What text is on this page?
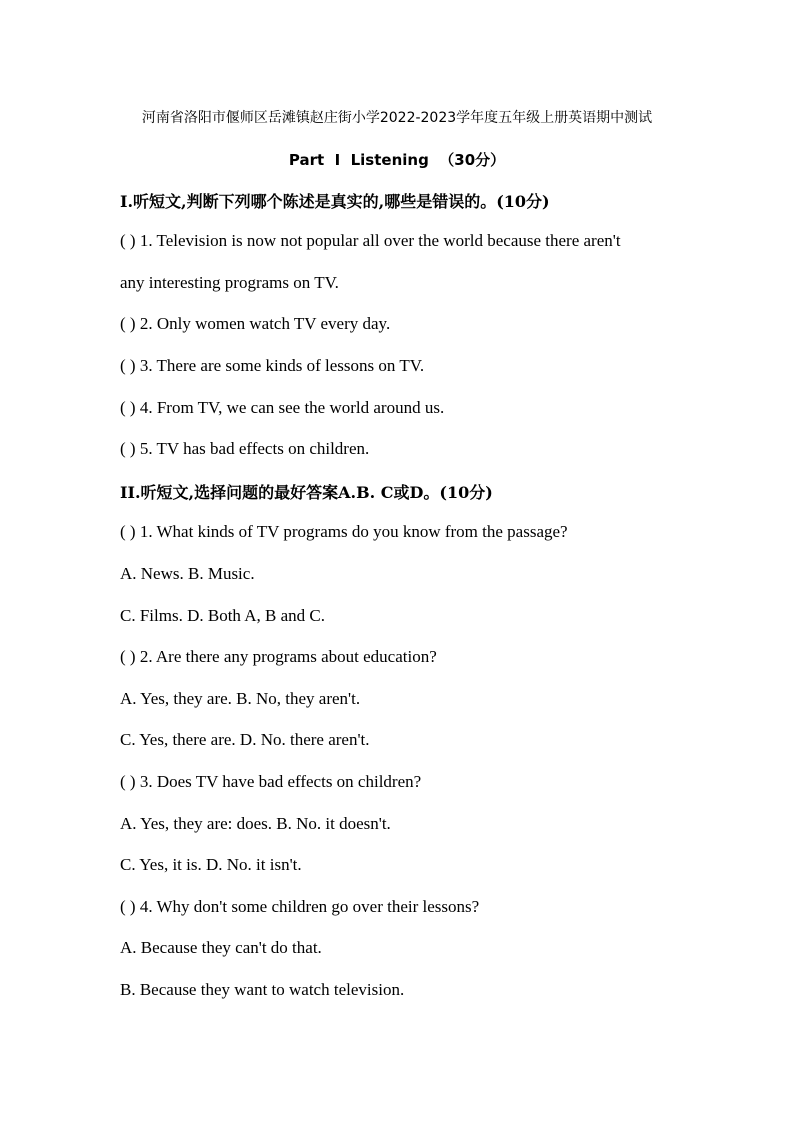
河南省洛阳市偃师区岳滩镇赵庄街小学2022-2023学年度五年级上册英语期中测试
Part  I  Listening  （30分）
I.听短文,判断下列哪个陈述是真实的,哪些是错误的。(10分)
( ) 1. Television is now not popular all over the world because there aren't
any interesting programs on TV.
( ) 2. Only women watch TV every day.
( ) 3. There are some kinds of lessons on TV.
( ) 4. From TV, we can see the world around us.
( ) 5. TV has bad effects on children.
II.听短文,选择问题的最好答案A.B. C或D。(10分)
( ) 1. What kinds of TV programs do you know from the passage?
A. News. B. Music.
C. Films. D. Both A, B and C.
( ) 2. Are there any programs about education?
A. Yes, they are. B. No, they aren't.
C. Yes, there are. D. No. there aren't.
( ) 3. Does TV have bad effects on children?
A. Yes, they are: does. B. No. it doesn't.
C. Yes, it is. D. No. it isn't.
( ) 4. Why don't some children go over their lessons?
A. Because they can't do that.
B. Because they want to watch television.
